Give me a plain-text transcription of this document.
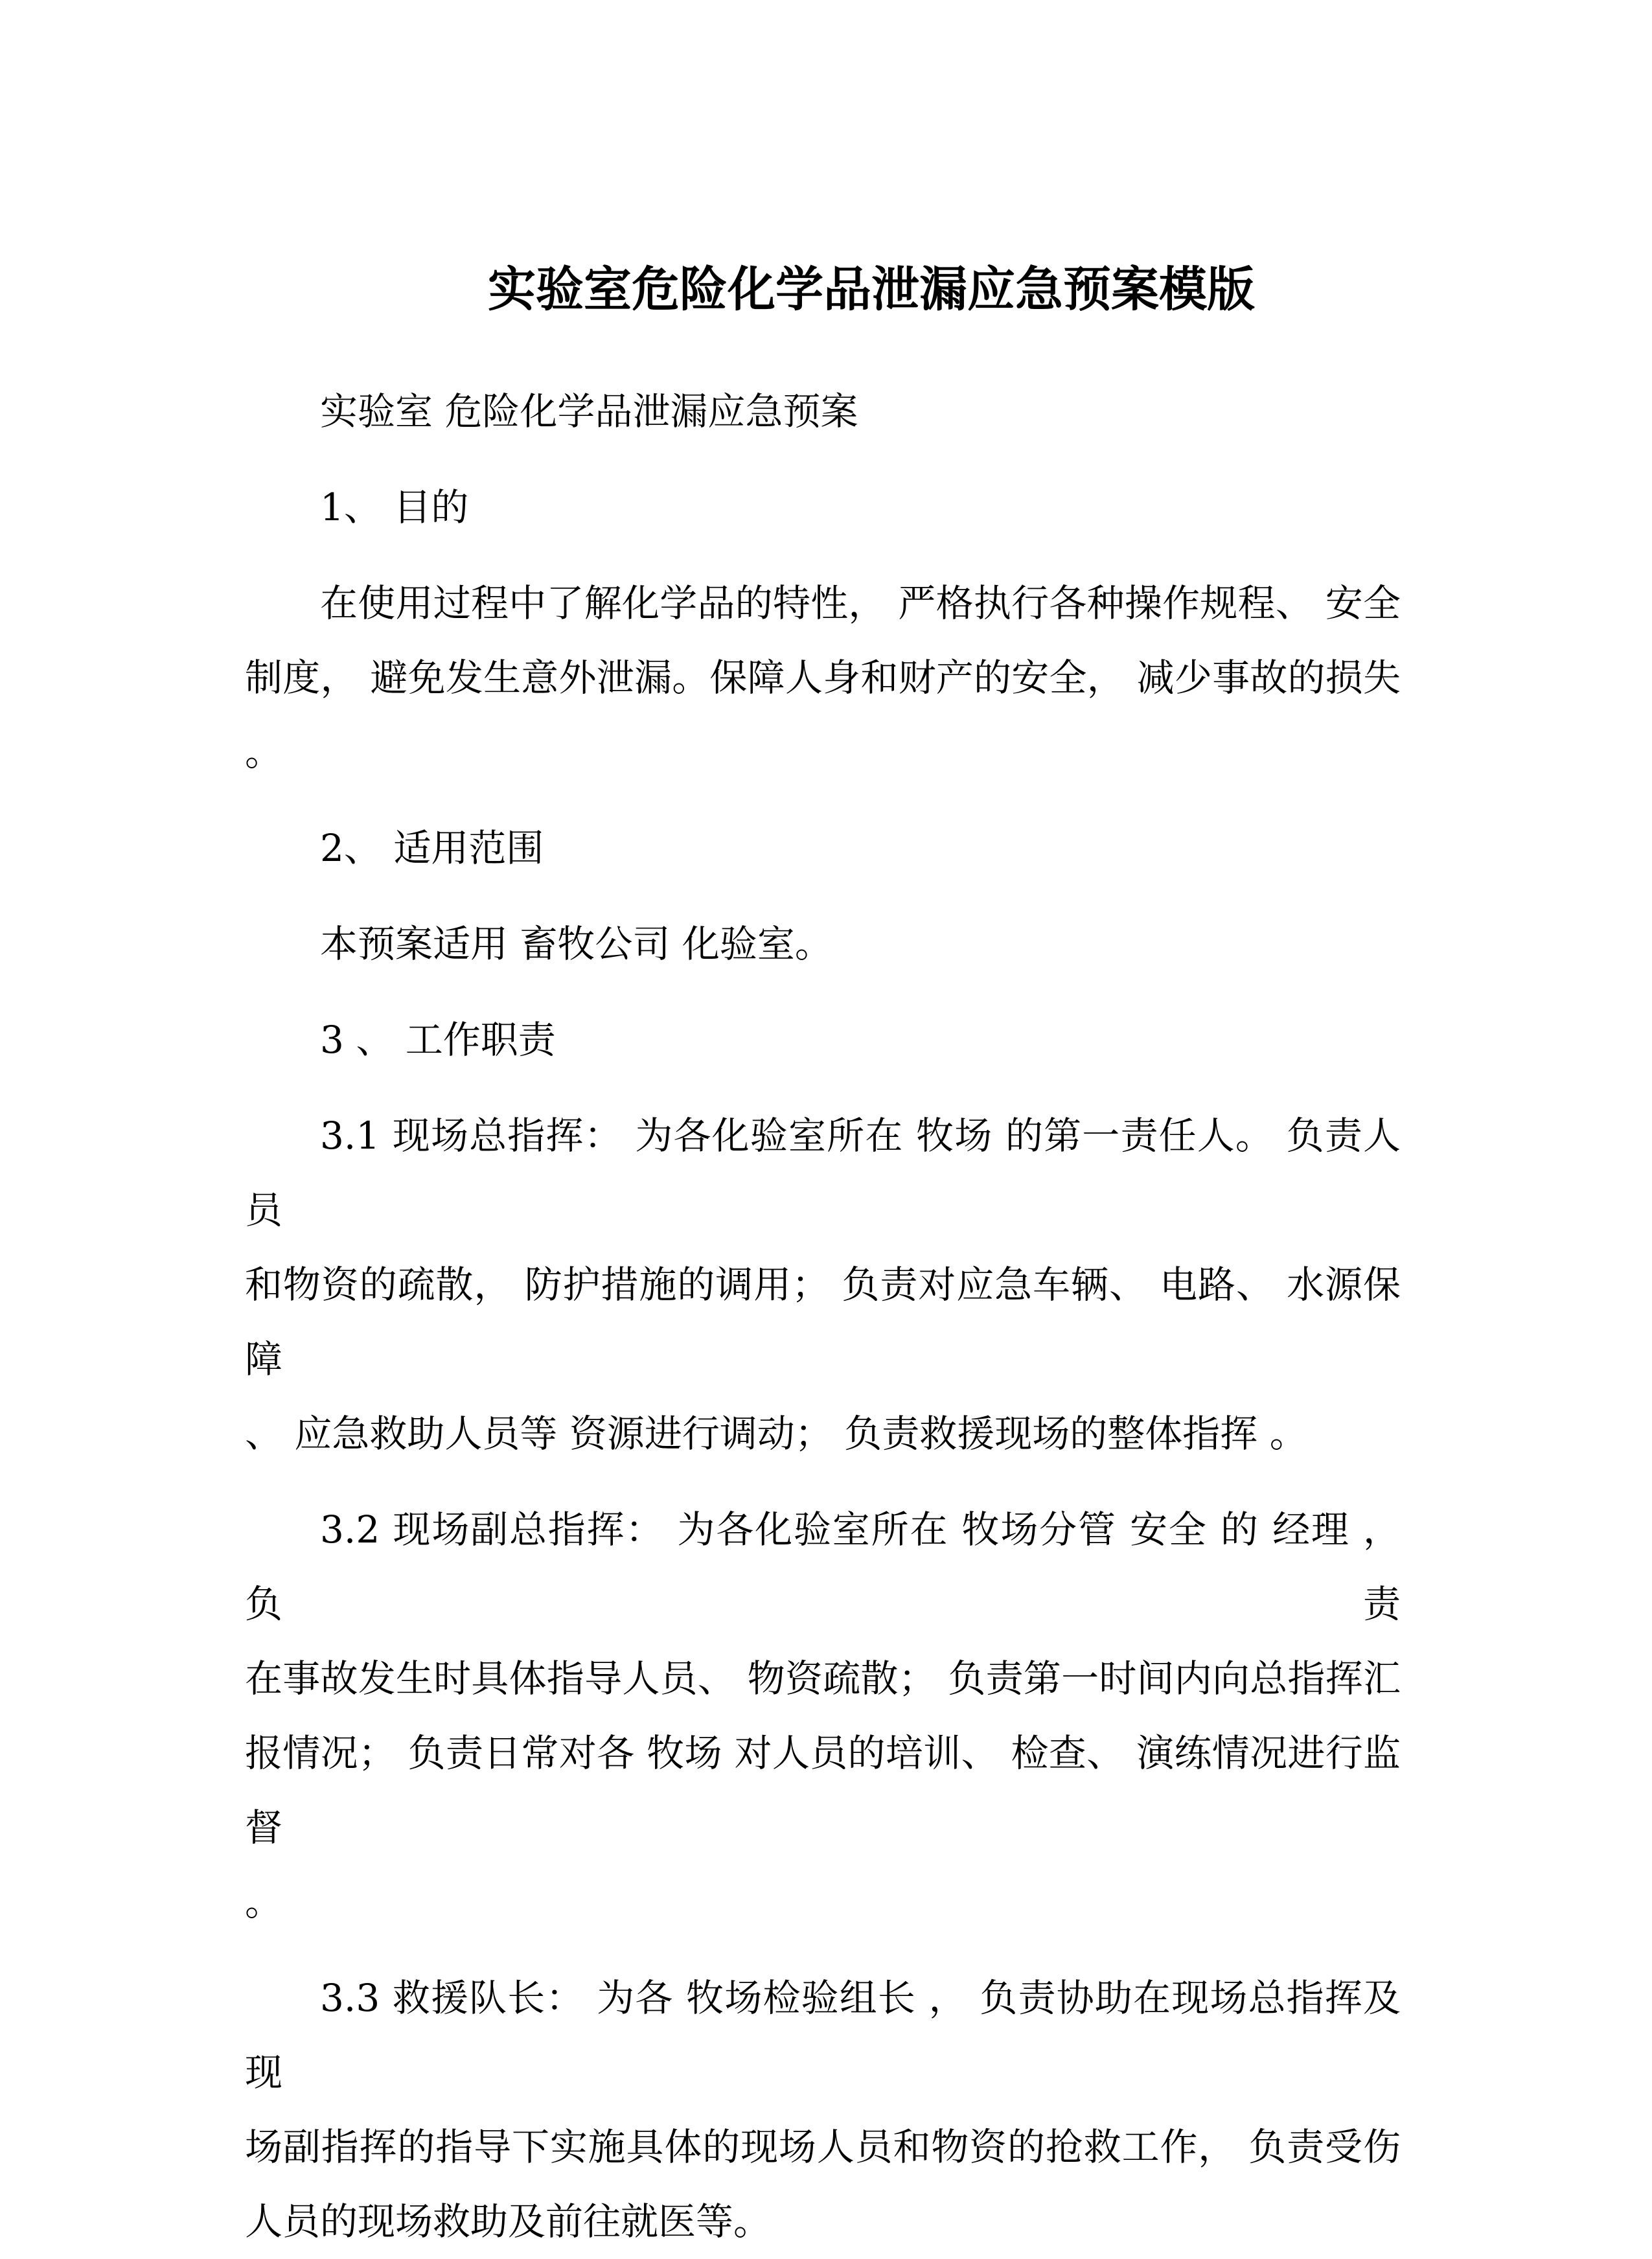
实验室危险化学品泄漏应急预案模版
实验室 危险化学品泄漏应急预案
1、 目的
在使用过程中了解化学品的特性， 严格执行各种操作规程、 安全
制度， 避免发生意外泄漏。保障人身和财产的安全， 减少事故的损失
。
2、 适用范围
本预案适用 畜牧公司 化验室。
3 、 工作职责
3.1 现场总指挥： 为各化验室所在 牧场 的第一责任人。 负责人员
和物资的疏散， 防护措施的调用； 负责对应急车辆、 电路、 水源保障
、 应急救助人员等 资源进行调动； 负责救援现场的整体指挥 。
3.2 现场副总指挥： 为各化验室所在 牧场分管 安全 的 经理 ， 负责
在事故发生时具体指导人员、 物资疏散； 负责第一时间内向总指挥汇
报情况； 负责日常对各 牧场 对人员的培训、 检查、 演练情况进行监督
。
3.3 救援队长： 为各 牧场检验组长 ， 负责协助在现场总指挥及现
场副指挥的指导下实施具体的现场人员和物资的抢救工作， 负责受伤
人员的现场救助及前往就医等。
